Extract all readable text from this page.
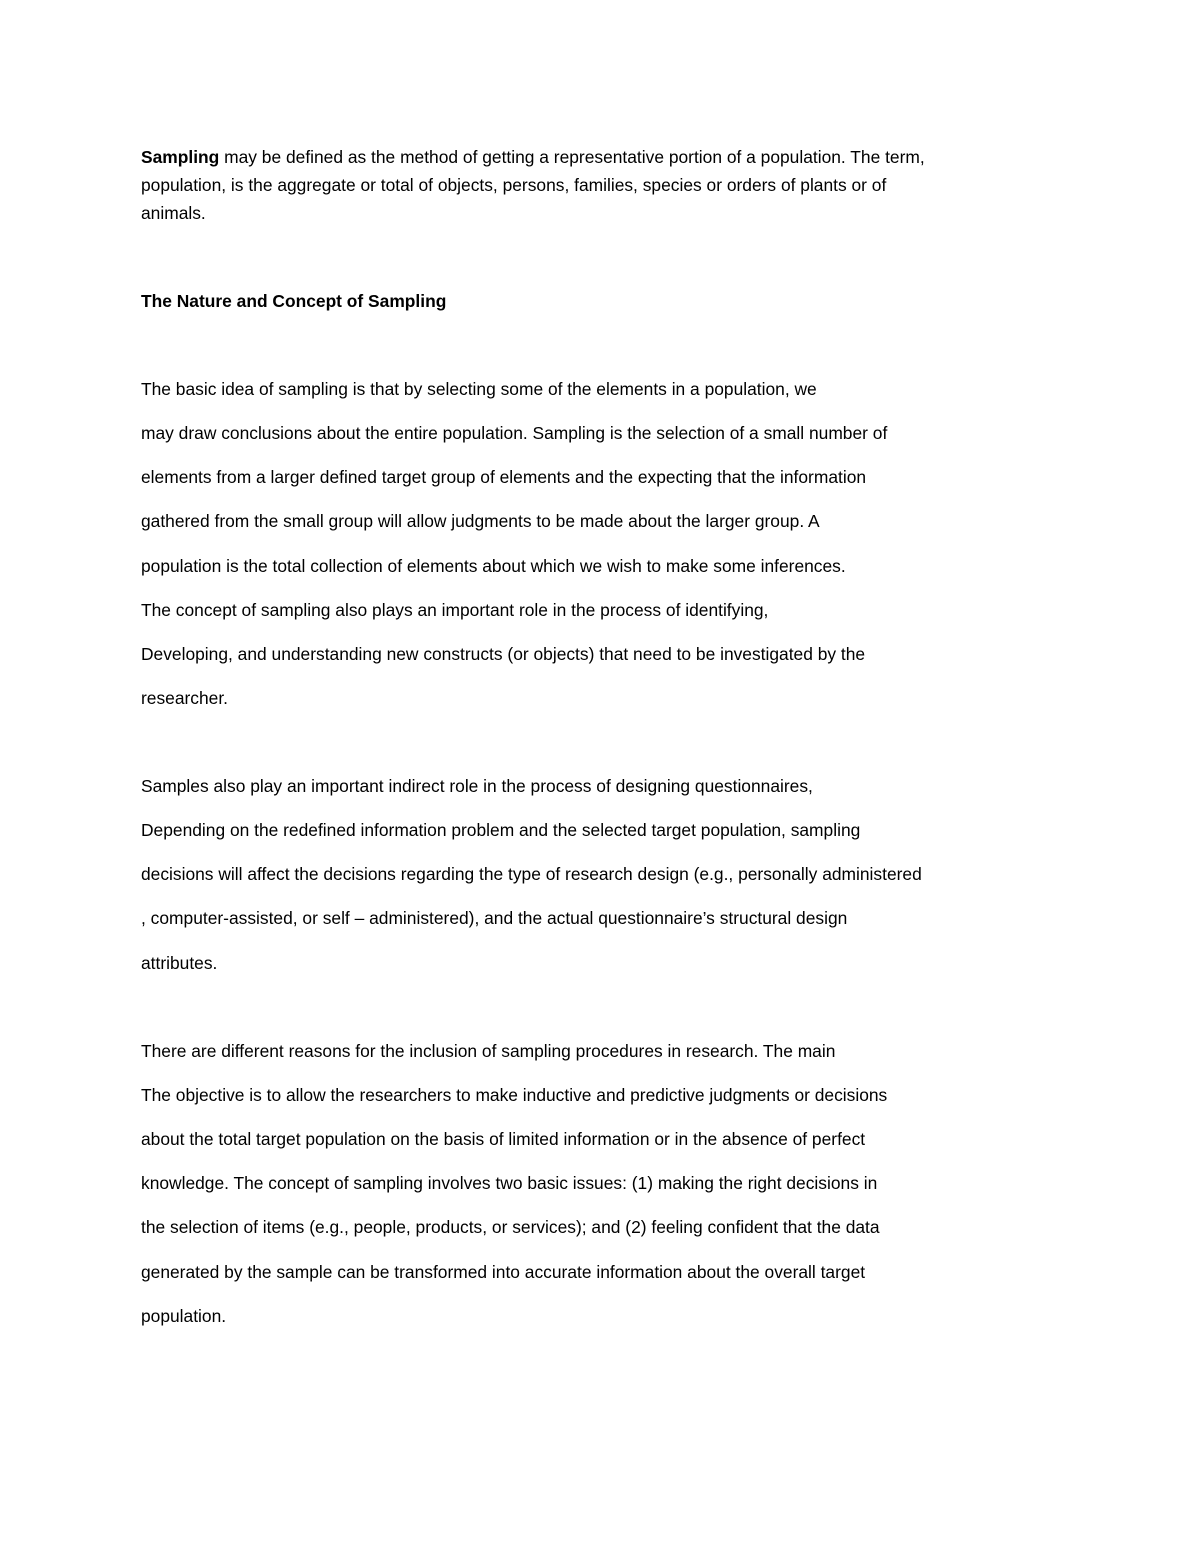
Sampling may be defined as the method of getting a representative portion of a population. The term,
population, is the aggregate or total of objects, persons, families, species or orders of plants or of
animals.
The Nature and Concept of Sampling
The basic idea of sampling is that by selecting some of the elements in a population, we
may draw conclusions about the entire population. Sampling is the selection of a small number of
elements from a larger defined target group of elements and the expecting that the information
gathered from the small group will allow judgments to be made about the larger group. A
population is the total collection of elements about which we wish to make some inferences.
The concept of sampling also plays an important role in the process of identifying,
Developing, and understanding new constructs (or objects) that need to be investigated by the
researcher.
Samples also play an important indirect role in the process of designing questionnaires,
Depending on the redefined information problem and the selected target population, sampling
decisions will affect the decisions regarding the type of research design (e.g., personally administered
, computer-assisted, or self – administered), and the actual questionnaire’s structural design
attributes.
There are different reasons for the inclusion of sampling procedures in research. The main
The objective is to allow the researchers to make inductive and predictive judgments or decisions
about the total target population on the basis of limited information or in the absence of perfect
knowledge. The concept of sampling involves two basic issues: (1) making the right decisions in
the selection of items (e.g., people, products, or services); and (2) feeling confident that the data
generated by the sample can be transformed into accurate information about the overall target
population.
